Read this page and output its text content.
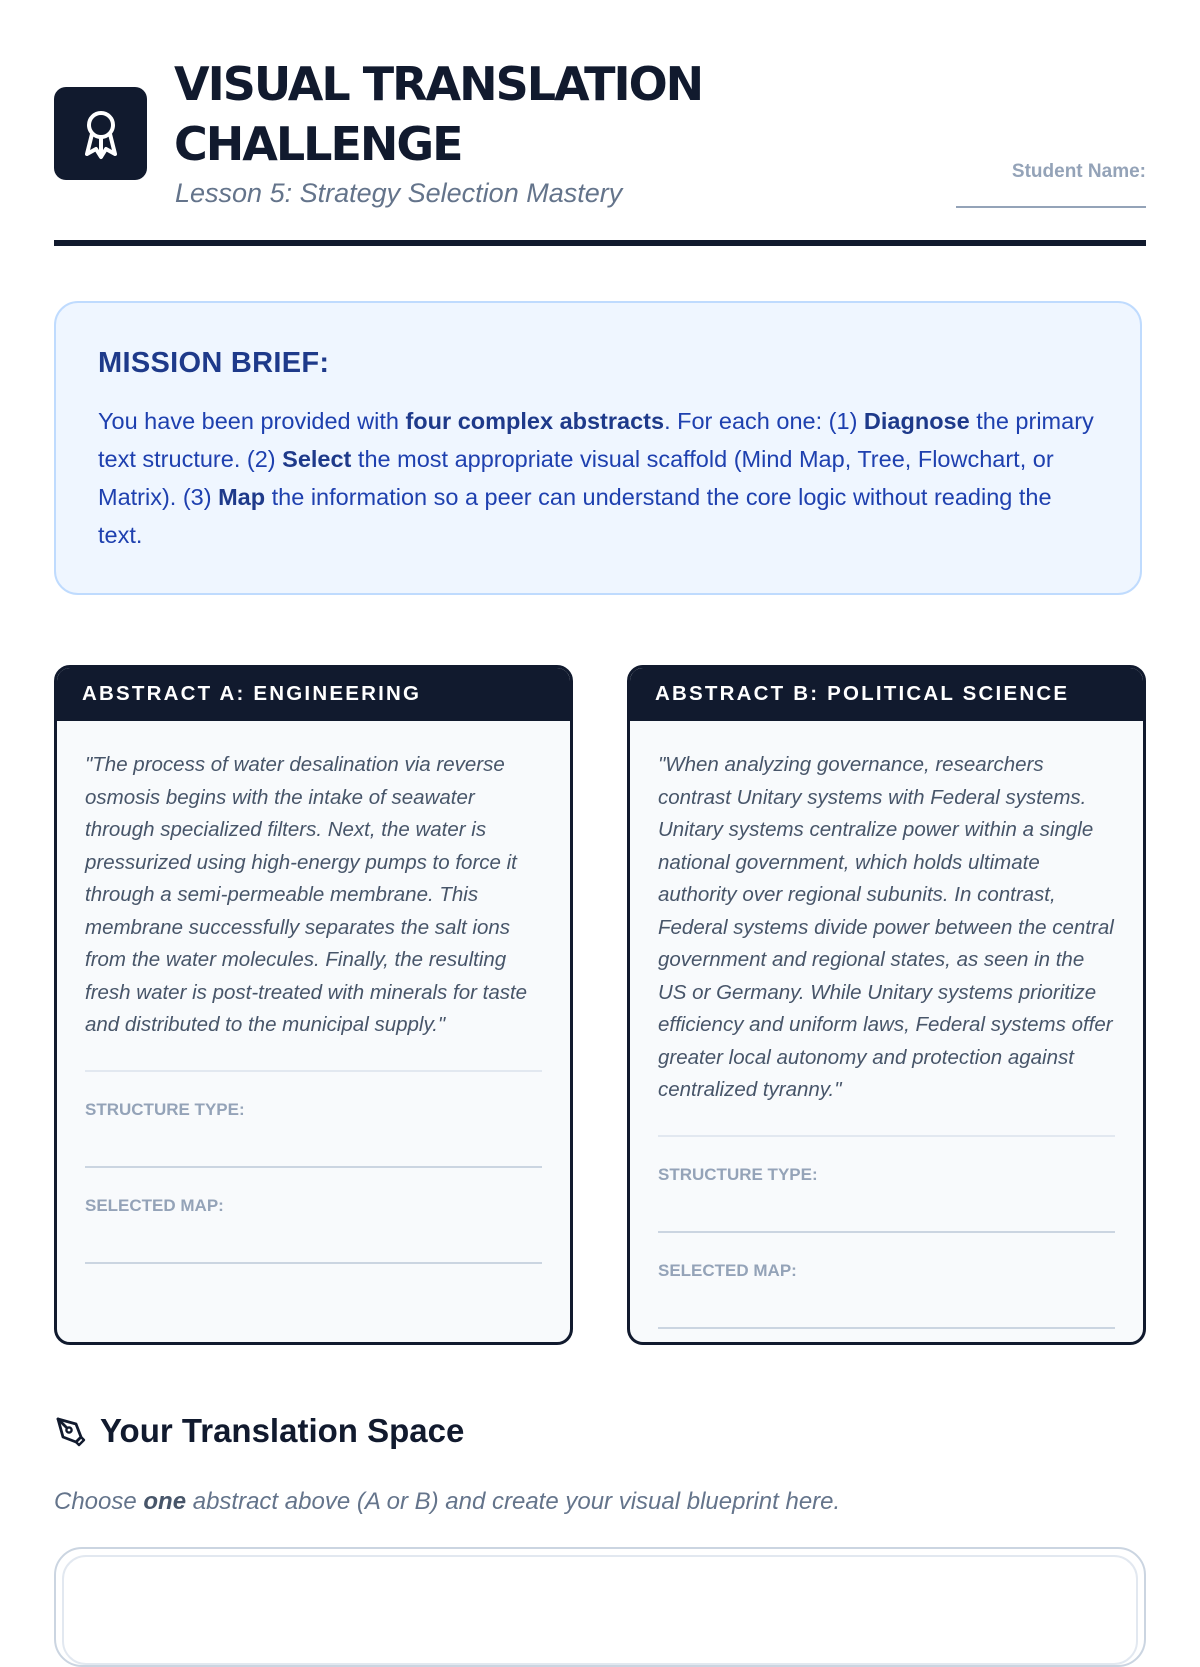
VISUAL TRANSLATION
CHALLENGE
Lesson 5: Strategy Selection Mastery
Student Name:
MISSION BRIEF:
You have been provided with four complex abstracts. For each one: (1) Diagnose the primary text structure. (2) Select the most appropriate visual scaffold (Mind Map, Tree, Flowchart, or Matrix). (3) Map the information so a peer can understand the core logic without reading the text.
ABSTRACT A: ENGINEERING

"The process of water desalination via reverse osmosis begins with the intake of seawater through specialized filters. Next, the water is pressurized using high-energy pumps to force it through a semi-permeable membrane. This membrane successfully separates the salt ions from the water molecules. Finally, the resulting fresh water is post-treated with minerals for taste and distributed to the municipal supply."

STRUCTURE TYPE:
SELECTED MAP:
ABSTRACT B: POLITICAL SCIENCE

"When analyzing governance, researchers contrast Unitary systems with Federal systems. Unitary systems centralize power within a single national government, which holds ultimate authority over regional subunits. In contrast, Federal systems divide power between the central government and regional states, as seen in the US or Germany. While Unitary systems prioritize efficiency and uniform laws, Federal systems offer greater local autonomy and protection against centralized tyranny."

STRUCTURE TYPE:
SELECTED MAP:
Your Translation Space
Choose one abstract above (A or B) and create your visual blueprint here.
